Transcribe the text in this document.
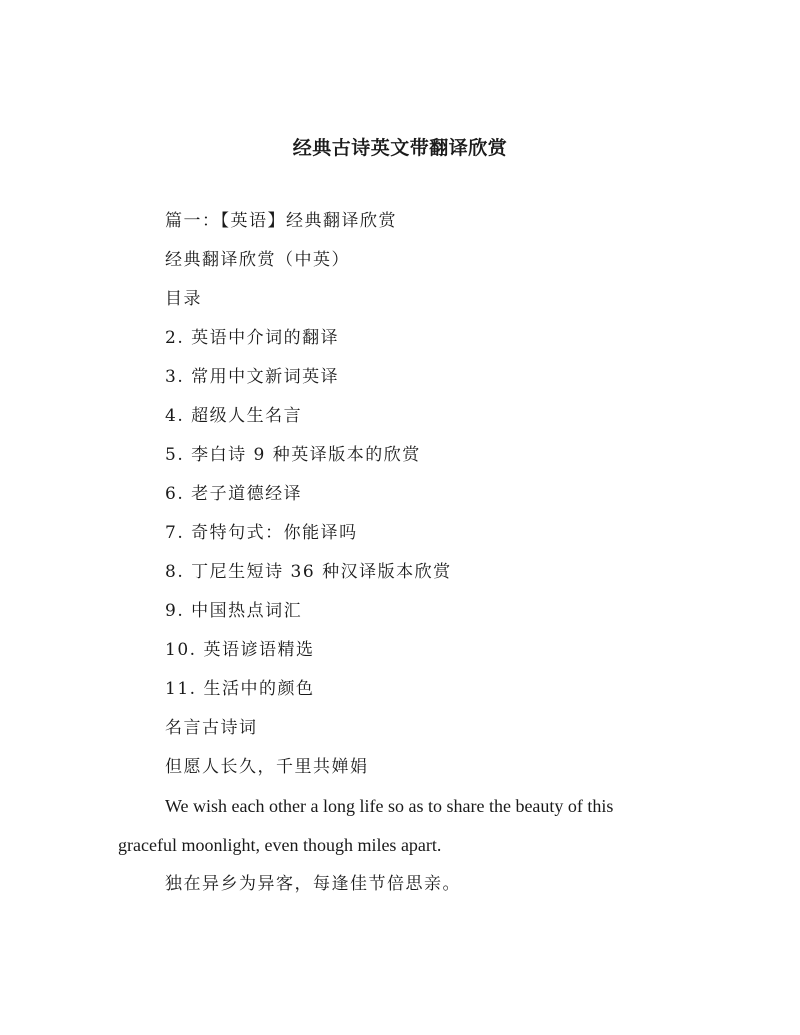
经典古诗英文带翻译欣赏
篇一：【英语】经典翻译欣赏
经典翻译欣赏（中英）
目录
2. 英语中介词的翻译
3. 常用中文新词英译
4. 超级人生名言
5. 李白诗 9 种英译版本的欣赏
6. 老子道德经译
7. 奇特句式：你能译吗
8. 丁尼生短诗 36 种汉译版本欣赏
9. 中国热点词汇
10. 英语谚语精选
11. 生活中的颜色
名言古诗词
但愿人长久，千里共婵娟
We wish each other a long life so as to share the beauty of this
graceful moonlight, even though miles apart.
独在异乡为异客，每逢佳节倍思亲。
